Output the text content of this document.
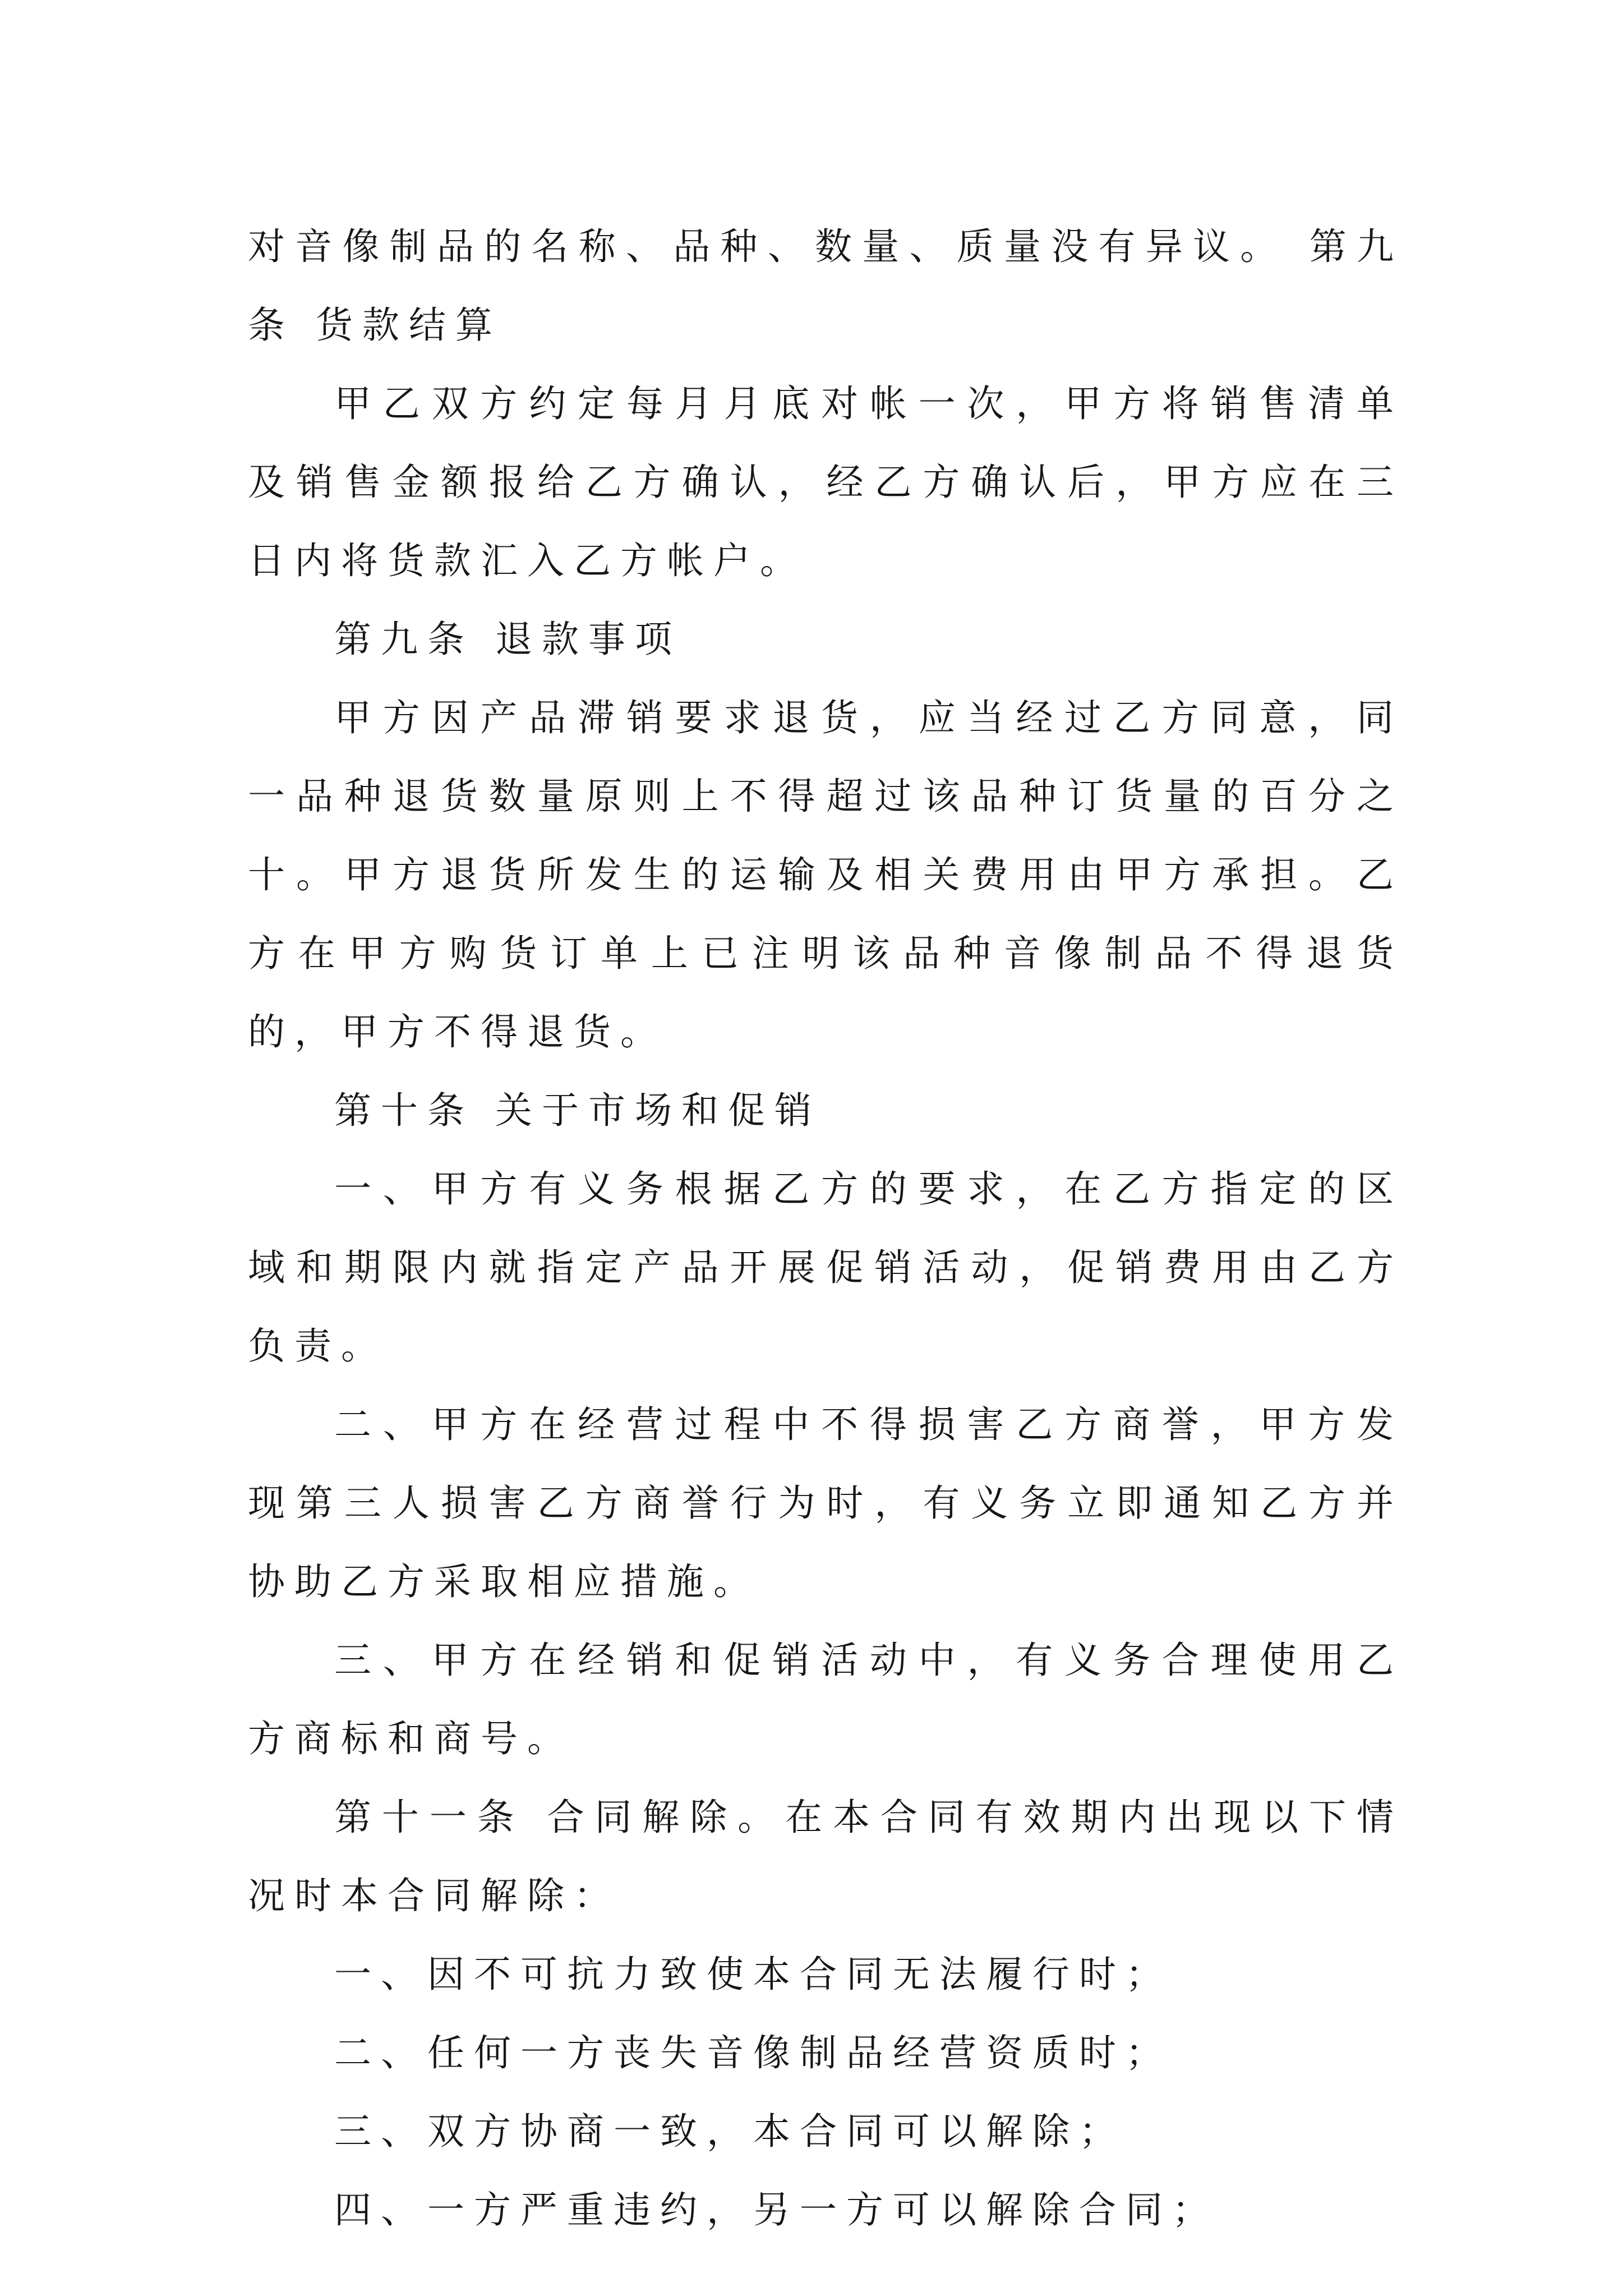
对音像制品的名称、品种、数量、质量没有异议。 第九条 货款结算

甲乙双方约定每月月底对帐一次，甲方将销售清单及销售金额报给乙方确认，经乙方确认后，甲方应在三日内将货款汇入乙方帐户。

第九条 退款事项

甲方因产品滞销要求退货，应当经过乙方同意，同一品种退货数量原则上不得超过该品种订货量的百分之十。甲方退货所发生的运输及相关费用由甲方承担。乙方在甲方购货订单上已注明该品种音像制品不得退货的，甲方不得退货。

第十条 关于市场和促销

一、甲方有义务根据乙方的要求，在乙方指定的区域和期限内就指定产品开展促销活动，促销费用由乙方负责。

二、甲方在经营过程中不得损害乙方商誉，甲方发现第三人损害乙方商誉行为时，有义务立即通知乙方并协助乙方采取相应措施。

三、甲方在经销和促销活动中，有义务合理使用乙方商标和商号。

第十一条 合同解除。在本合同有效期内出现以下情况时本合同解除：

一、因不可抗力致使本合同无法履行时；

二、任何一方丧失音像制品经营资质时；

三、双方协商一致，本合同可以解除；

四、一方严重违约，另一方可以解除合同；
